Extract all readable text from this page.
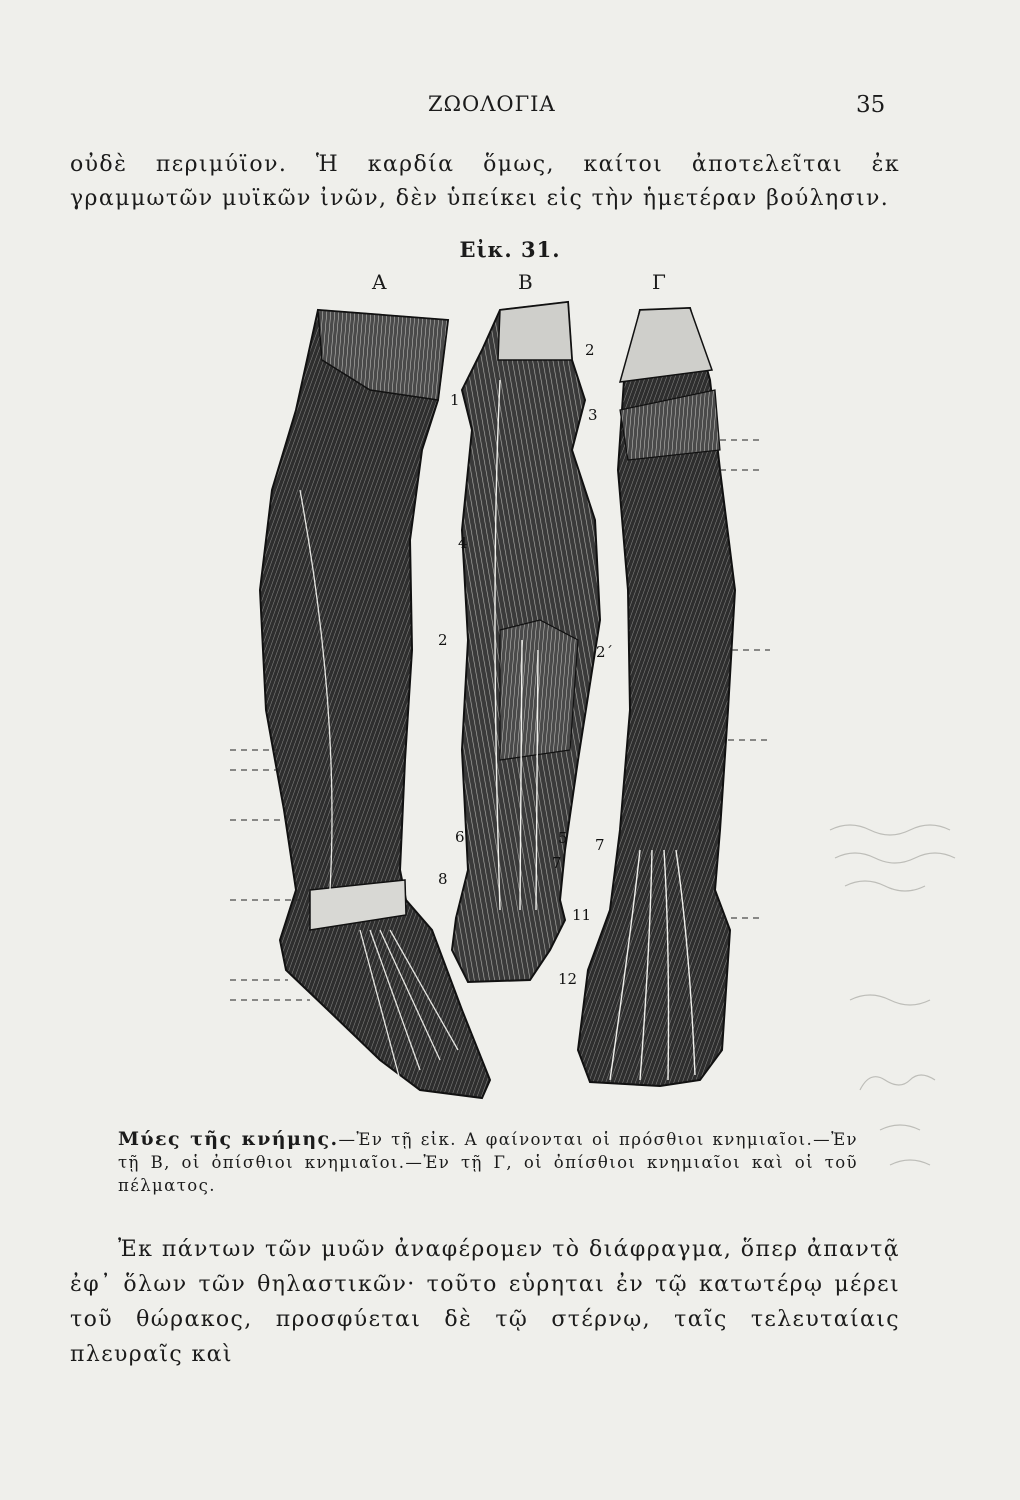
ΖΩΟΛΟΓΙΑ	35

οὐδὲ περιμύϊον. Ἡ καρδία ὅμως, καίτοι ἀποτελεῖται ἐκ γραμμωτῶν μυϊκῶν ἰνῶν, δὲν ὑπείκει εἰς τὴν ἡμετέραν βούλησιν.

Εἰκ. 31.
Α	Β	Γ
1
2
3
4
2
2΄
5
6
7
8
7
11
12
Μύες τῆς κνήμης.—Ἐν τῇ εἰκ. Α φαίνονται οἱ πρόσθιοι κνημιαῖοι.—Ἐν τῇ Β, οἱ ὀπίσθιοι κνημιαῖοι.—Ἐν τῇ Γ, οἱ ὀπίσθιοι κνημιαῖοι καὶ οἱ τοῦ πέλματος.

Ἐκ πάντων τῶν μυῶν ἀναφέρομεν τὸ διάφραγμα, ὅπερ ἀπαντᾷ ἐφ᾽ ὅλων τῶν θηλαστικῶν· τοῦτο εὑρηται ἐν τῷ κατωτέρῳ μέρει τοῦ θώρακος, προσφύεται δὲ τῷ στέρνῳ, ταῖς τελευταίαις πλευραῖς καὶ
